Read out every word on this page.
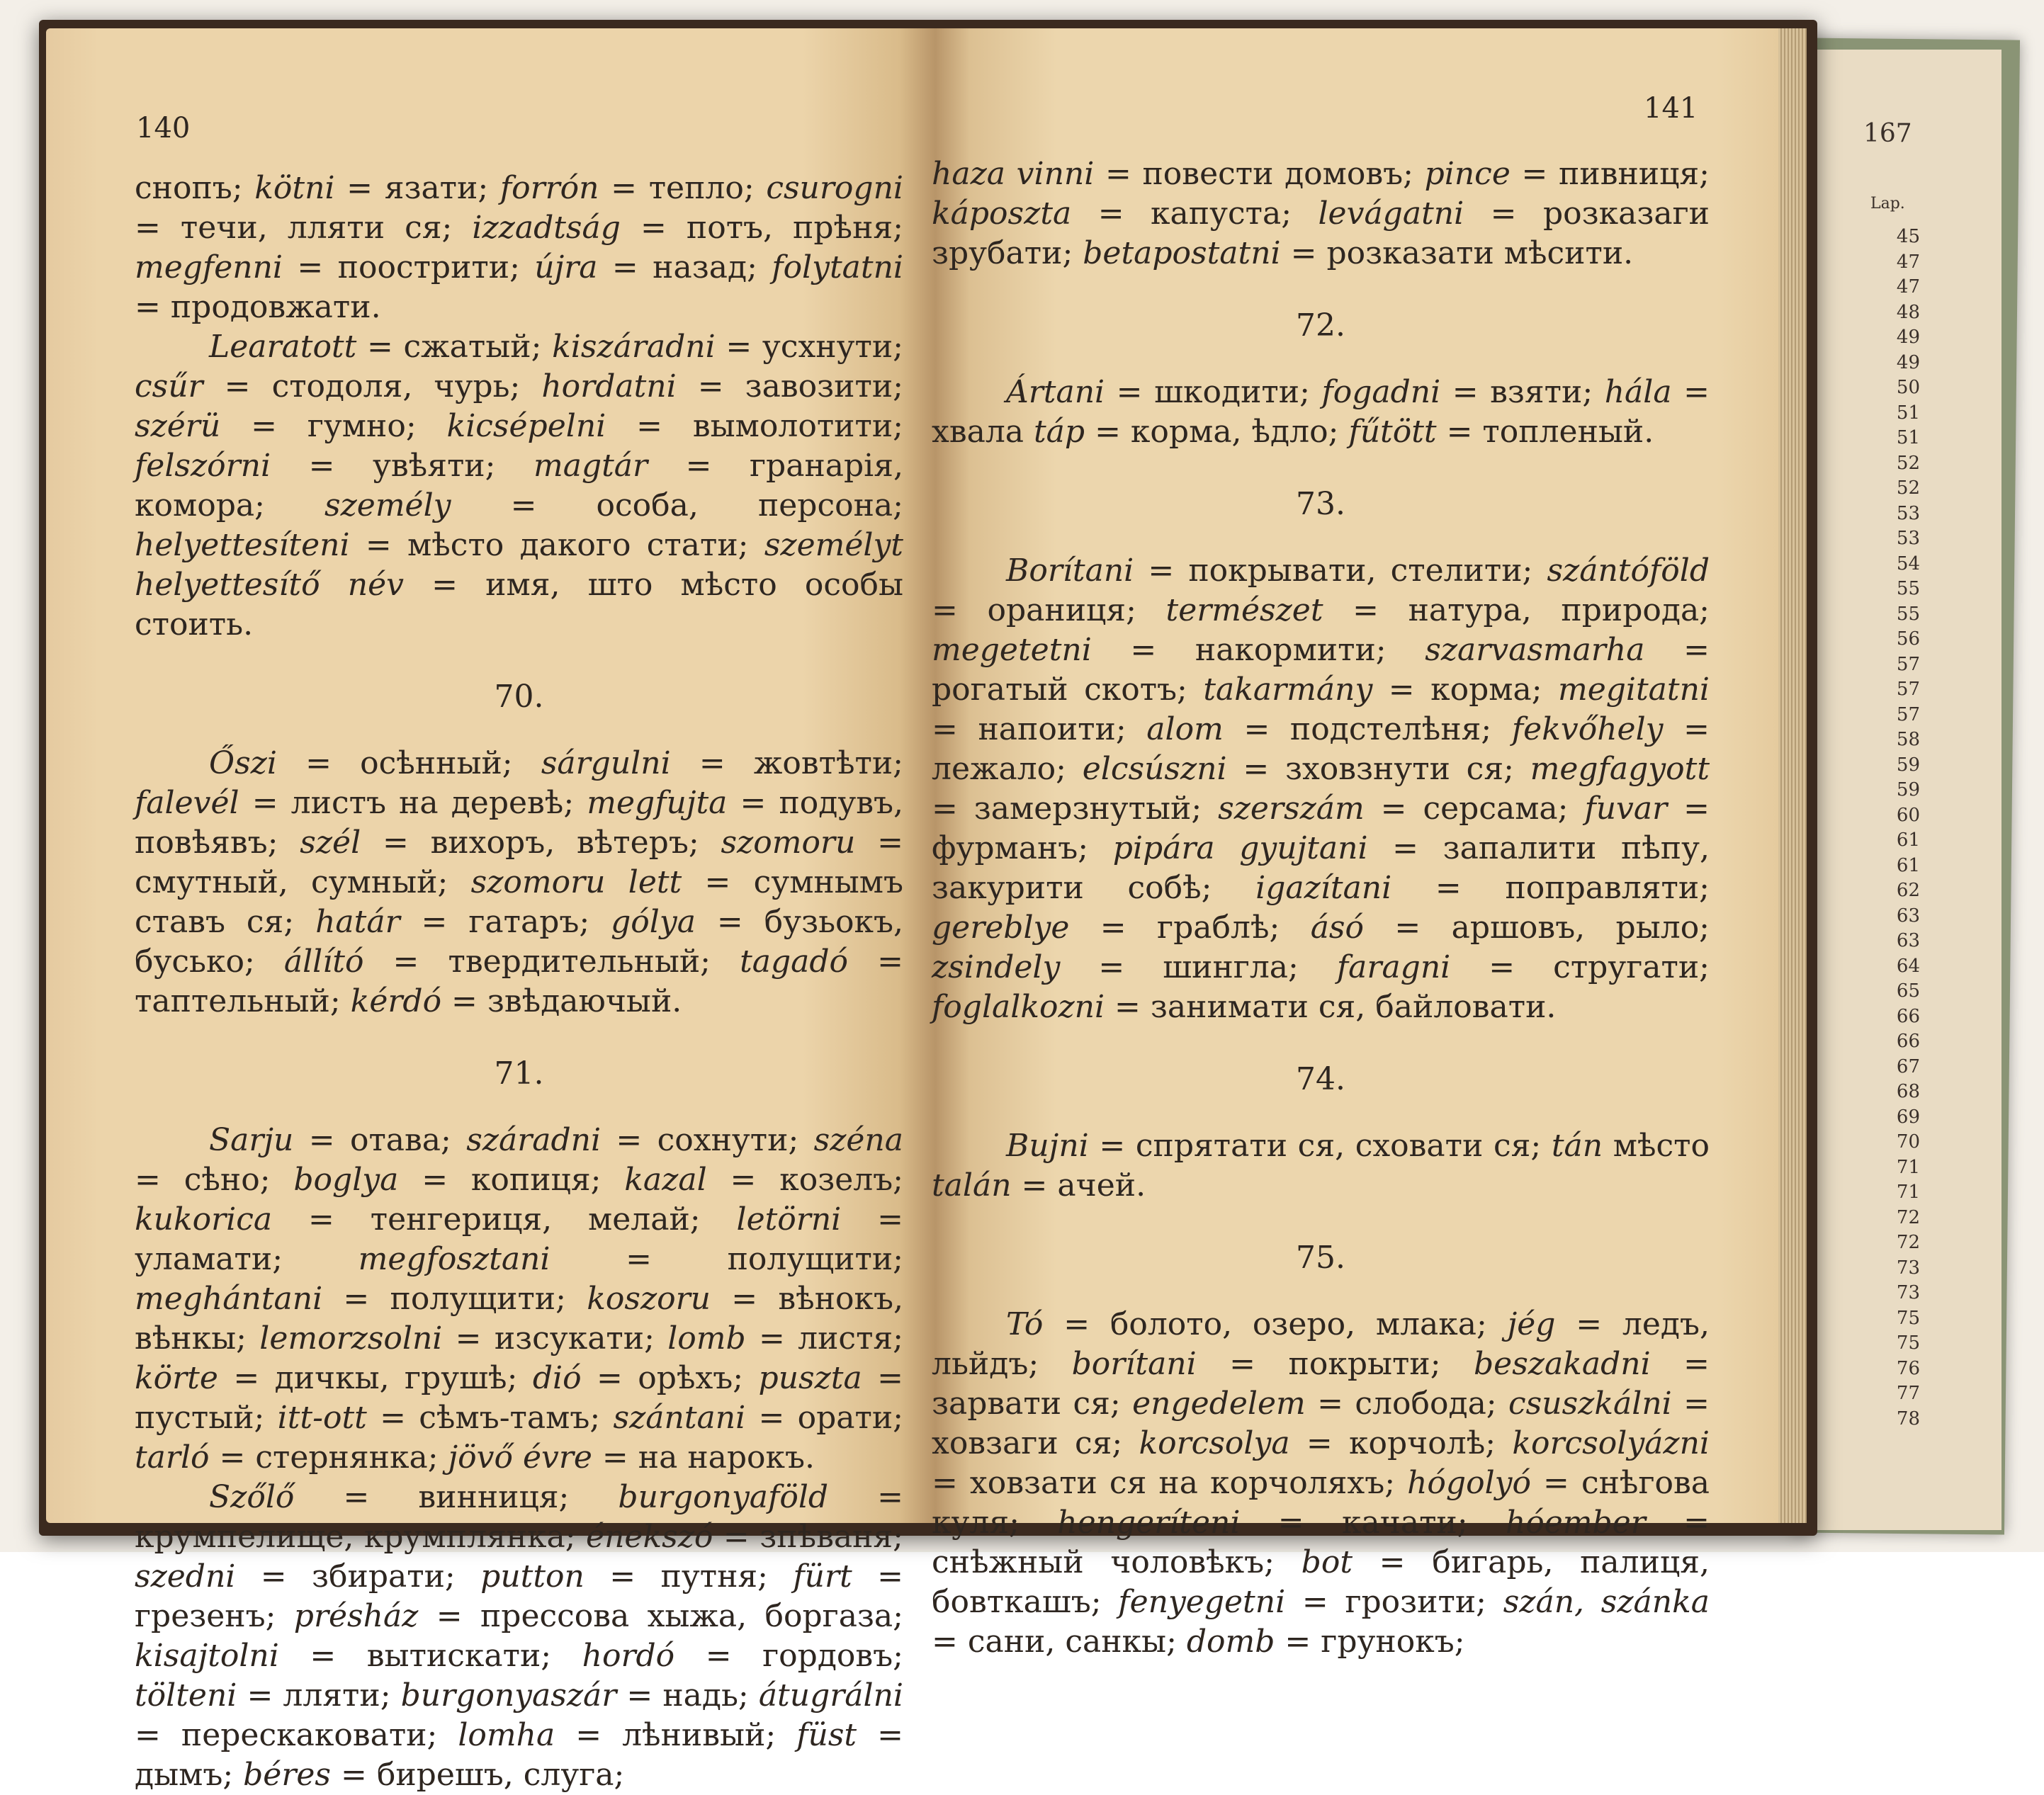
140
141

снопъ; kötni = язати; forrón = тепло; csurogni = течи, лляти ся; izzadtság = потъ, прѣня; megfenni = поострити; újra = назад; folytatni = продовжати.

Learatott = сжатый; kiszáradni = усхнути; csűr = стодоля, чурь; hordatni = завозити; szérü = гумно; kicsépelni = вымолотити; felszórni = увѣяти; magtár = гранарія, комора; személy = особа, персона; helyettesíteni = мѣсто дакого стати; személyt helyettesítő név = имя, што мѣсто особы стоить.

70.

Őszi = осѣнный; sárgulni = жовтѣти; falevél = листъ на деревѣ; megfujta = подувъ, повѣявъ; szél = вихоръ, вѣтеръ; szomoru = смутный, сумный; szomoru lett = сумнымъ ставъ ся; határ = гатаръ; gólya = бузьокъ, бусько; állító = твердительный; tagadó = таптельный; kérdó = звѣдаючый.

71.

Sarju = отава; száradni = сохнути; széna = сѣно; boglya = копиця; kazal = козелъ; kukorica = тенгериця, мелай; letörni = уламати; megfosztani = полущити; meghántani = полущити; koszoru = вѣнокъ, вѣнкы; lemorzsolni = изсукати; lomb = листя; körte = дичкы, грушѣ; dió = орѣхъ; puszta = пустый; itt-ott = сѣмъ-тамъ; szántani = орати; tarló = стернянка; jövő évre = на нарокъ.

Szőlő = винниця; burgonyaföld = крумпелище, крумплянка; énekszó = зпѣваня; szedni = збирати; putton = путня; fürt = грезенъ; présház = прессова хыжа, боргаза; kisajtolni = вытискати; hordó = гордовъ; tölteni = лляти; burgonyaszár = надь; átugrálni = перескаковати; lomha = лѣнивый; füst = дымъ; béres = бирешъ, слуга;

haza vinni = повести домовъ; pince = пивниця; káposzta = капуста; levágatni = розказаги зрубати; betapostatni = розказати мѣсити.

72.

Ártani = шкодити; fogadni = взяти; hála = хвала táp = корма, ѣдло; fűtött = топленый.

73.

Borítani = покрывати, стелити; szántóföld = ораниця; természet = натура, природа; megetetni = накормити; szarvasmarha = рогатый скотъ; takarmány = корма; megitatni = напоити; alom = подстелѣня; fekvőhely = лежало; elcsúszni = зховзнути ся; megfagyott = замерзнутый; szerszám = серсама; fuvar = фурманъ; pipára gyujtani = запалити пѣпу, закурити собѣ; igazítani = поправляти; gereblye = граблѣ; ásó = аршовъ, рыло; zsindely = шингла; faragni = стругати; foglalkozni = занимати ся, байловати.

74.

Bujni = спрятати ся, сховати ся; tán мѣсто talán = ачей.

75.

Tó = болото, озеро, млака; jég = ледъ, льйдъ; borítani = покрыти; beszakadni = зарвати ся; engedelem = слобода; csuszkálni = ховзаги ся; korcsolya = корчолѣ; korcsolyázni = ховзати ся на корчоляхъ; hógolyó = снѣгова куля; hengeríteni = качати; hóember = снѣжный чоловѣкъ; bot = бигарь, палиця, бовткашъ; fenyegetni = грозити; szán, szánka = сани, санкы; domb = грунокъ;

167
Lap.
45
47
47
48
49
49
50
51
51
52
52
53
53
54
55
55
56
57
57
57
58
59
59
60
61
61
62
63
63
64
65
66
66
67
68
69
70
71
71
72
72
73
73
75
75
76
77
78
